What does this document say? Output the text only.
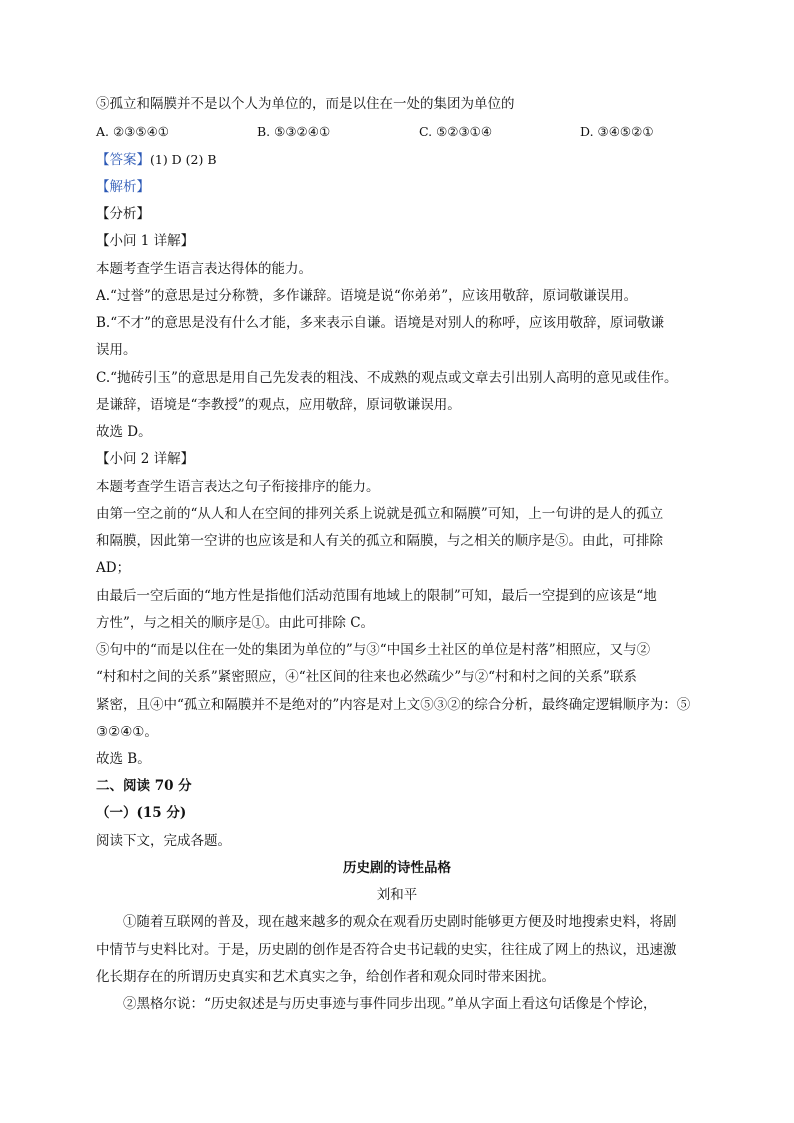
⑤孤立和隔膜并不是以个人为单位的，而是以住在一处的集团为单位的
A. ②③⑤④①	B. ⑤③②④①	C. ⑤②③①④	D. ③④⑤②①
【答案】(1) D (2) B
【解析】
【分析】
【小问 1 详解】
本题考查学生语言表达得体的能力。
A.“过誉”的意思是过分称赞，多作谦辞。语境是说“你弟弟”，应该用敬辞，原词敬谦误用。
B.“不才”的意思是没有什么才能，多来表示自谦。语境是对别人的称呼，应该用敬辞，原词敬谦
误用。
C.“抛砖引玉”的意思是用自己先发表的粗浅、不成熟的观点或文章去引出别人高明的意见或佳作。
是谦辞，语境是“李教授”的观点，应用敬辞，原词敬谦误用。
故选 D。
【小问 2 详解】
本题考查学生语言表达之句子衔接排序的能力。
由第一空之前的“从人和人在空间的排列关系上说就是孤立和隔膜”可知，上一句讲的是人的孤立
和隔膜，因此第一空讲的也应该是和人有关的孤立和隔膜，与之相关的顺序是⑤。由此，可排除
AD；
由最后一空后面的“地方性是指他们活动范围有地域上的限制”可知，最后一空提到的应该是“地
方性”，与之相关的顺序是①。由此可排除 C。
⑤句中的“而是以住在一处的集团为单位的”与③“中国乡土社区的单位是村落”相照应，又与②
“村和村之间的关系”紧密照应，④“社区间的往来也必然疏少”与②“村和村之间的关系”联系
紧密，且④中“孤立和隔膜并不是绝对的”内容是对上文⑤③②的综合分析，最终确定逻辑顺序为：⑤
③②④①。
故选 B。
二、阅读 70 分
（一）(15 分)
阅读下文，完成各题。
历史剧的诗性品格
刘和平
①随着互联网的普及，现在越来越多的观众在观看历史剧时能够更方便及时地搜索史料，将剧
中情节与史料比对。于是，历史剧的创作是否符合史书记载的史实，往往成了网上的热议，迅速激
化长期存在的所谓历史真实和艺术真实之争，给创作者和观众同时带来困扰。
②黑格尔说：“历史叙述是与历史事迹与事件同步出现。”单从字面上看这句话像是个悖论，
